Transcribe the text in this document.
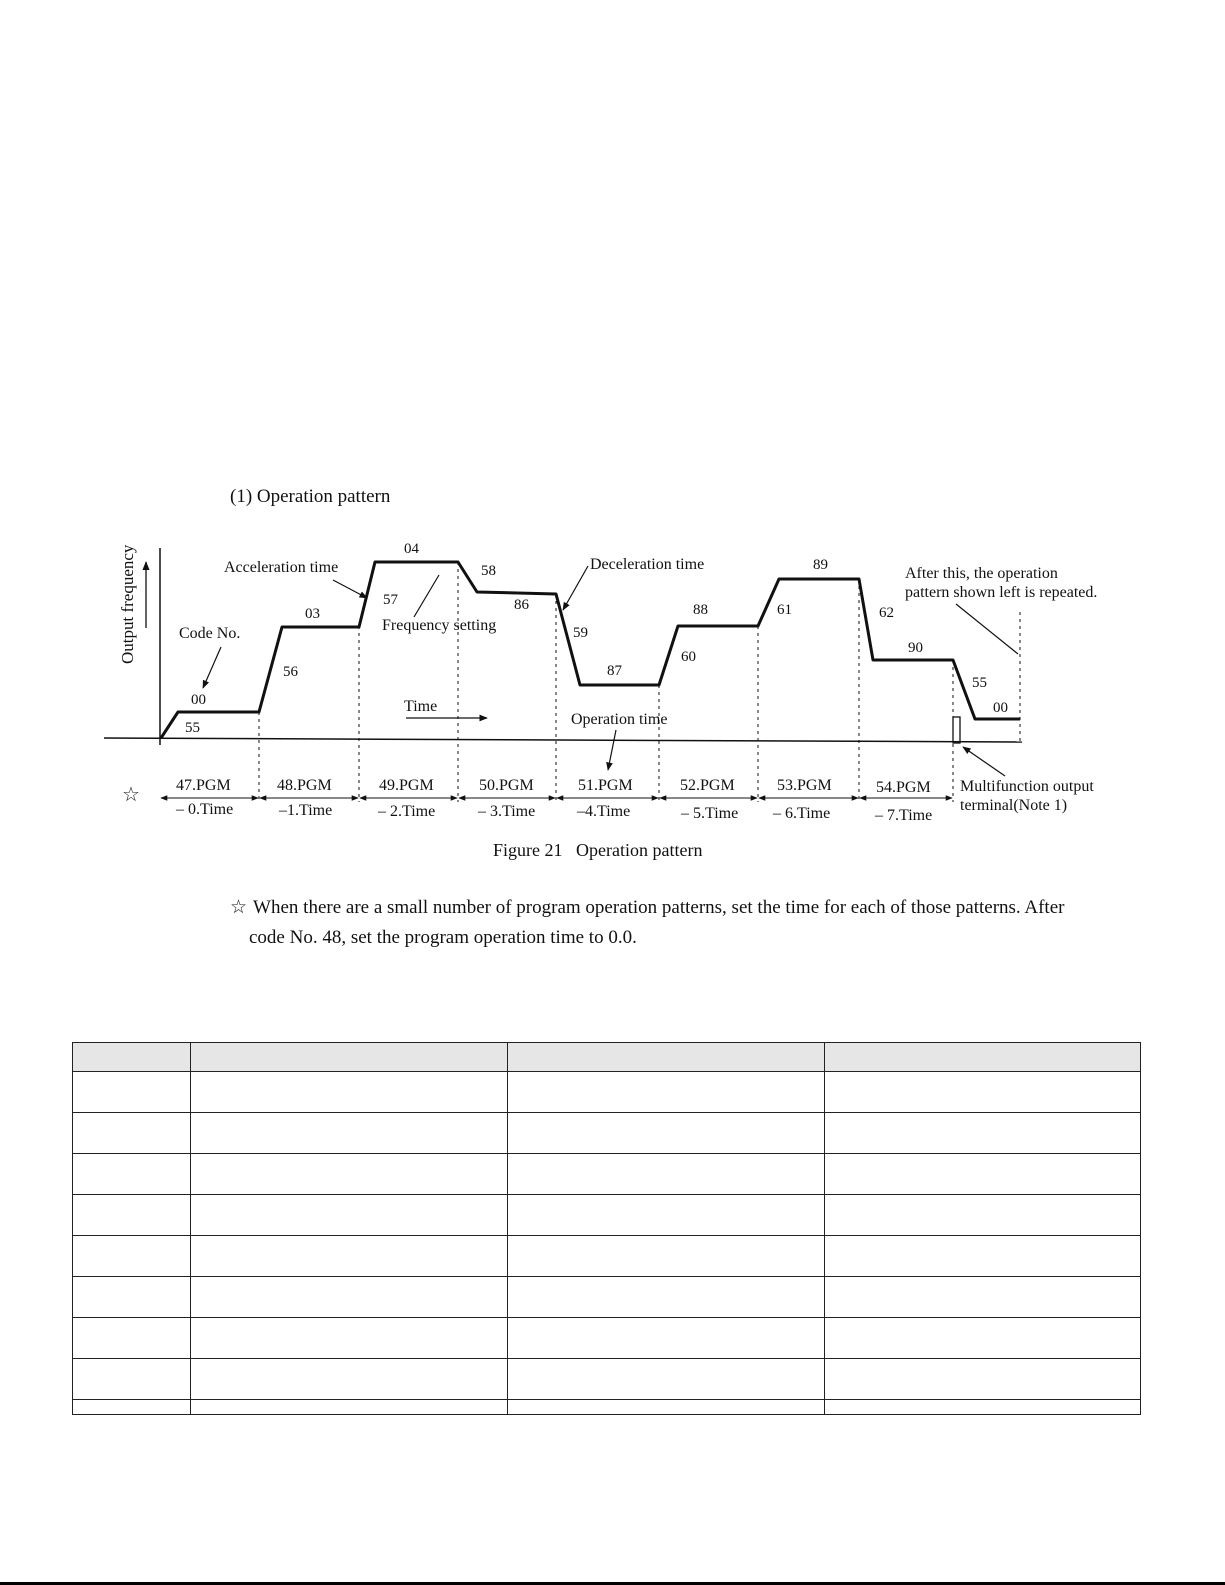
(1) Operation pattern
Output frequency
00
55
56
03
57
04
58
86
59
87
60
88	61
89
62
90
55
00
Acceleration time
Code No.	Frequency setting
Deceleration time
Time
Operation time
After this, the operation
pattern shown left is repeated.
Multifunction output
terminal(Note 1)
☆ 47.PGM	48.PGM	49.PGM	50.PGM	51.PGM	52.PGM	53.PGM	54.PGM
– 0.Time	–1.Time	– 2.Time	– 3.Time	–4.Time	– 5.Time – 6.Time	– 7.Time
Figure 21   Operation pattern
☆ When there are a small number of program operation patterns, set the time for each of those patterns. After
code No. 48, set the program operation time to 0.0.
